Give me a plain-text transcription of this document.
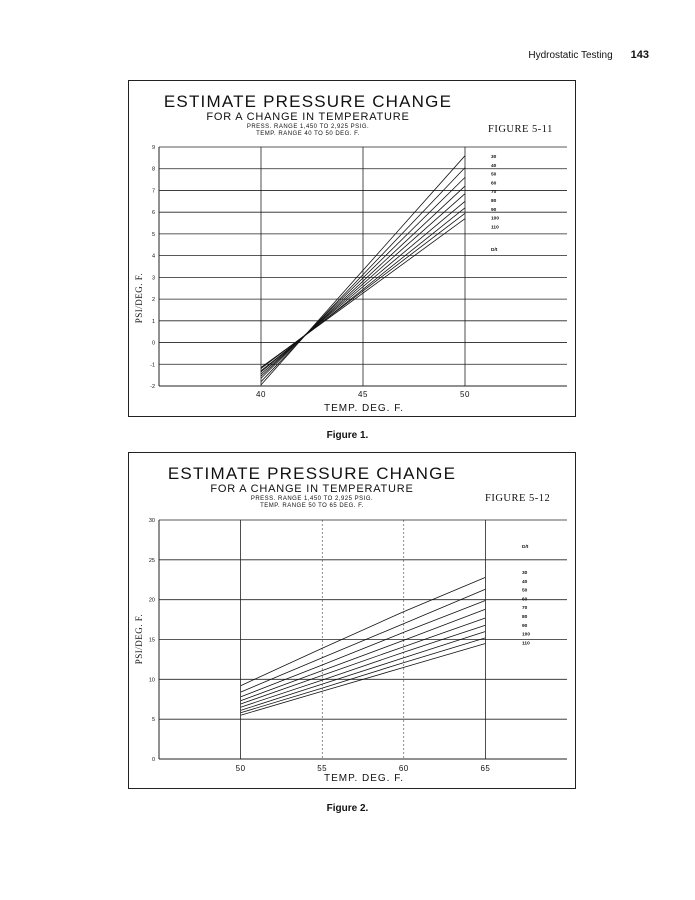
Hydrostatic Testing 143
ESTIMATE PRESSURE CHANGE
FOR A CHANGE IN TEMPERATURE
PRESS. RANGE 1,450 TO 2,925 PSIG.
TEMP. RANGE 40 TO 50 DEG. F.	FIGURE 5-11
PSI/DEG. F.
TEMP. DEG. F.
9
8
7
6
5
4
3
2
1
0
-1
-2
40	45	50
30
40
50
60
70
80
90
100
110
D/t
Figure 1.
ESTIMATE PRESSURE CHANGE
FOR A CHANGE IN TEMPERATURE
PRESS. RANGE 1,450 TO 2,925 PSIG.
TEMP. RANGE 50 TO 65 DEG. F.
FIGURE 5-12
PSI/DEG. F.
TEMP. DEG. F.
30
25
20
15
10
5
0
50	55	60	65
30
40
50
60
70
80
90
100
110
D/t
Figure 2.
